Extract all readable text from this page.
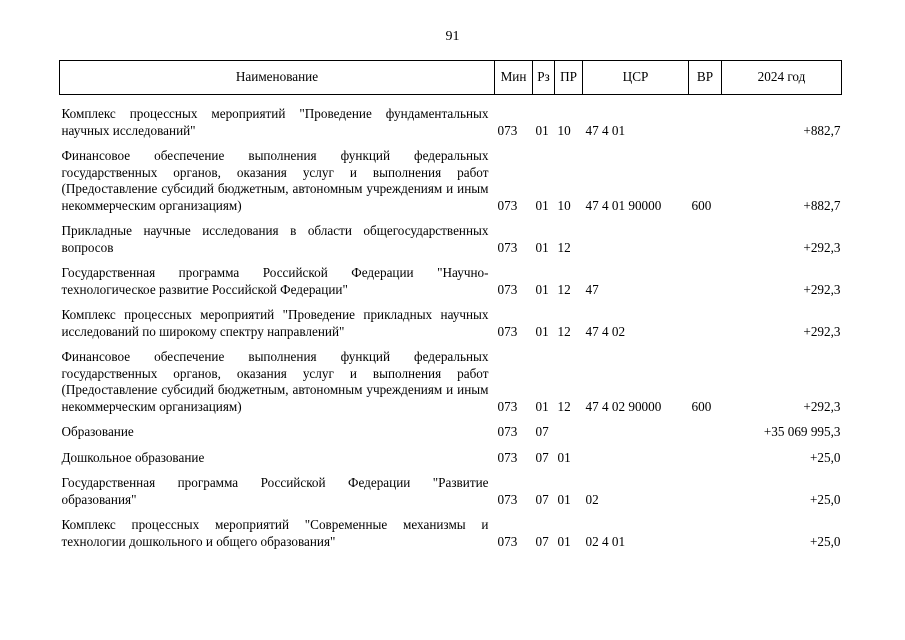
91
Наименование	Мин	Рз	ПР	ЦСР	ВР	2024 год
Комплекс процессных мероприятий "Проведение фундаментальных научных исследований"	073	01	10	47 4 01		+882,7
Финансовое обеспечение выполнения функций федеральных государственных органов, оказания услуг и выполнения работ (Предоставление субсидий бюджетным, автономным учреждениям и иным некоммерческим организациям)	073	01	10	47 4 01 90000	600	+882,7
Прикладные научные исследования в области общегосударственных вопросов	073	01	12			+292,3
Государственная программа Российской Федерации "Научно-технологическое развитие Российской Федерации"	073	01	12	47		+292,3
Комплекс процессных мероприятий "Проведение прикладных научных исследований по широкому спектру направлений"	073	01	12	47 4 02		+292,3
Финансовое обеспечение выполнения функций федеральных государственных органов, оказания услуг и выполнения работ (Предоставление субсидий бюджетным, автономным учреждениям и иным некоммерческим организациям)	073	01	12	47 4 02 90000	600	+292,3
Образование	073	07				+35 069 995,3
Дошкольное образование	073	07	01			+25,0
Государственная программа Российской Федерации "Развитие образования"	073	07	01	02		+25,0
Комплекс процессных мероприятий "Современные механизмы и технологии дошкольного и общего образования"	073	07	01	02 4 01		+25,0
